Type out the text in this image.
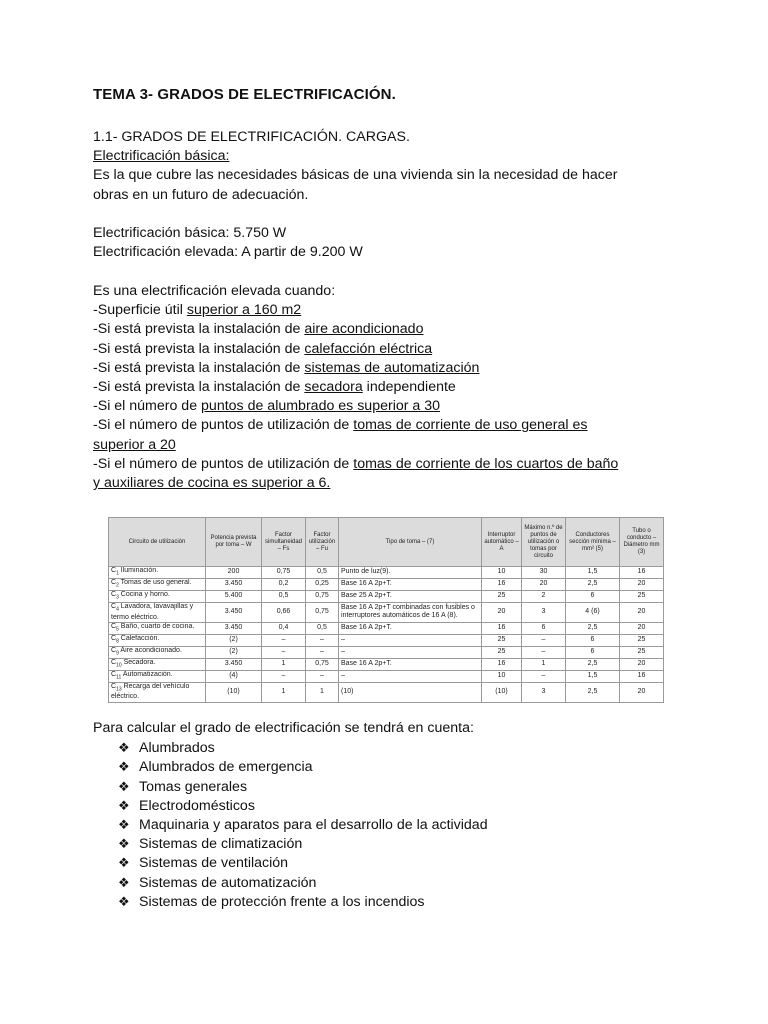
TEMA 3- GRADOS DE ELECTRIFICACIÓN.
1.1- GRADOS DE ELECTRIFICACIÓN. CARGAS.
Electrificación básica:
Es la que cubre las necesidades básicas de una vivienda sin la necesidad de hacer
obras en un futuro de adecuación.
Electrificación básica: 5.750 W
Electrificación elevada: A partir de 9.200 W
Es una electrificación elevada cuando:
-Superficie útil superior a 160 m2
-Si está prevista la instalación de aire acondicionado
-Si está prevista la instalación de calefacción eléctrica
-Si está prevista la instalación de sistemas de automatización
-Si está prevista la instalación de secadora independiente
-Si el número de puntos de alumbrado es superior a 30
-Si el número de puntos de utilización de tomas de corriente de uso general es
superior a 20
-Si el número de puntos de utilización de tomas de corriente de los cuartos de baño
y auxiliares de cocina es superior a 6.
Circuito de utilización	Potencia prevista por toma – W	Factor simultaneidad – Fs	Factor utilización – Fu	Tipo de toma – (7)	Interruptor automático – A	Máximo n.º de puntos de utilización o tomas por circuito	Conductores sección mínima – mm² (5)	Tubo o conducto – Diámetro mm (3)
$C_1$ Iluminación.	200	0,75	0,5	Punto de luz(9).	10	30	1,5	16
$C_2$ Tomas de uso general.	3.450	0,2	0,25	Base 16 A 2p+T.	16	20	2,5	20
$C_3$ Cocina y horno.	5.400	0,5	0,75	Base 25 A 2p+T.	25	2	6	25
$C_4$ Lavadora, lavavajillas y termo eléctrico.	3.450	0,66	0,75	Base 16 A 2p+T combinadas con fusibles o interruptores automáticos de 16 A (8).	20	3	4 (6)	20
$C_5$ Baño, cuarto de cocina.	3.450	0,4	0,5	Base 16 A 2p+T.	16	6	2,5	20
$C_8$ Calefacción.	(2)	–	–	–	25	–	6	25
$C_9$ Aire acondicionado.	(2)	–	–	–	25	–	6	25
$C_{10}$ Secadora.	3.450	1	0,75	Base 16 A 2p+T.	16	1	2,5	20
$C_{11}$ Automatización.	(4)	–	–	–	10	–	1,5	16
$C_{13}$ Recarga del vehículo eléctrico.	(10)	1	1	(10)	(10)	3	2,5	20
Para calcular el grado de electrificación se tendrá en cuenta:
❖ Alumbrados
❖ Alumbrados de emergencia
❖ Tomas generales
❖ Electrodomésticos
❖ Maquinaria y aparatos para el desarrollo de la actividad
❖ Sistemas de climatización
❖ Sistemas de ventilación
❖ Sistemas de automatización
❖ Sistemas de protección frente a los incendios
